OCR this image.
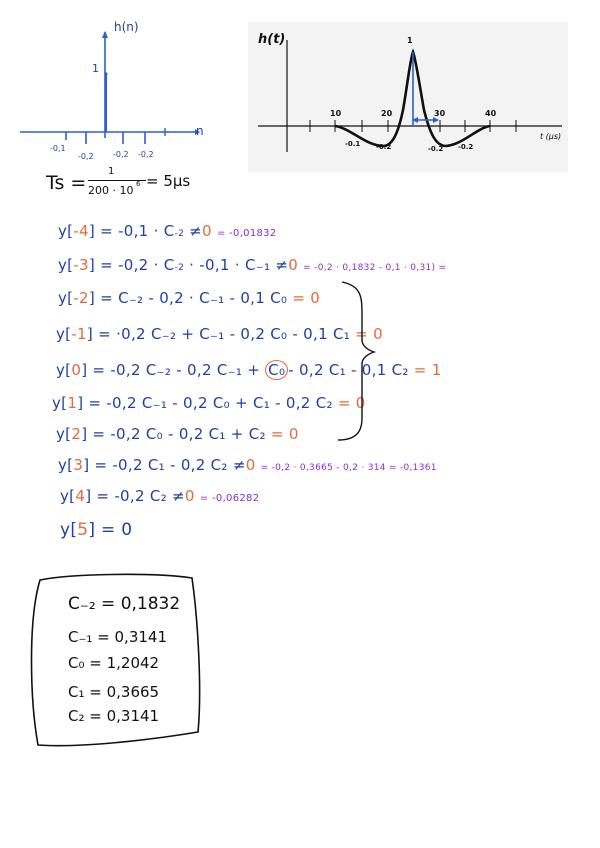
h(n)
n
1
-0,1
-0,2 -0,2 -0,2
h(t)
t (µs)
1
10	20	30	40
-0.1 -0.2	-0.2 -0.2
Ts =
1
200 · 10 6 = 5µs
y[-4] = -0,1 · C-2 ≠0 = -0,01832
y[-3] = -0,2 · C-2 · -0,1 · C₋₁ ≠0 = -0,2 · 0,1832 - 0,1 · 0,31) =
y[-2] = C₋₂ - 0,2 · C₋₁ - 0,1 C₀ = 0
y[-1] = ·0,2 C₋₂ + C₋₁ - 0,2 C₀ - 0,1 C₁ = 0
y[0] = -0,2 C₋₂ - 0,2 C₋₁ + C₀ - 0,2 C₁ - 0,1 C₂ = 1
y[1] = -0,2 C₋₁ - 0,2 C₀ + C₁ - 0,2 C₂ = 0
y[2] = -0,2 C₀ - 0,2 C₁ + C₂ = 0
y[3] = -0,2 C₁ - 0,2 C₂ ≠0 = -0,2 · 0,3665 - 0,2 · 314 = -0,1361
y[4] = -0,2 C₂ ≠0 = -0,06282
y[5] = 0
C₋₂ = 0,1832
C₋₁ = 0,3141
C₀ = 1,2042
C₁ = 0,3665
C₂ = 0,3141
